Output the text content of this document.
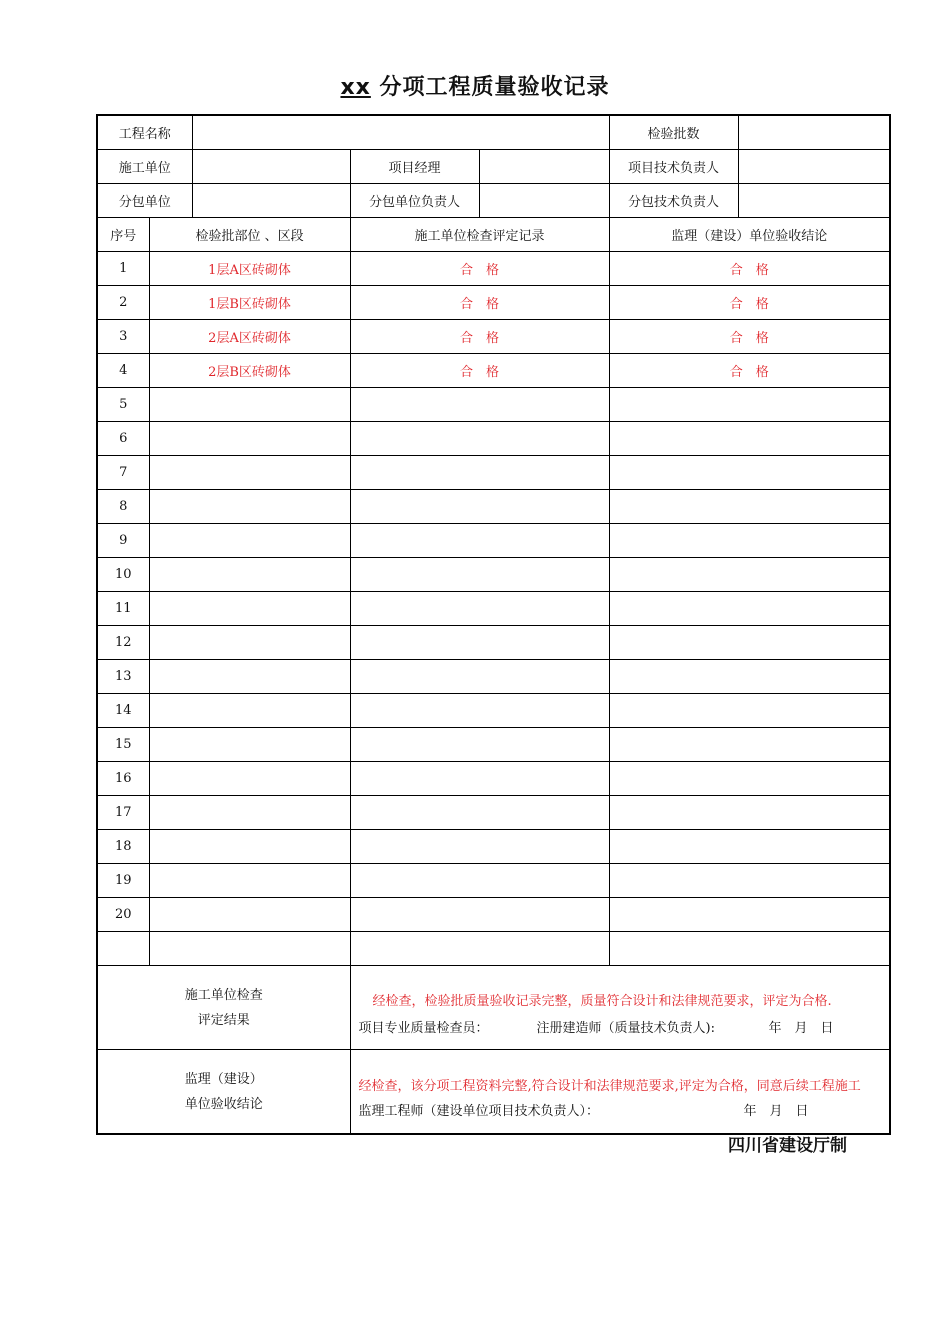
xx 分项工程质量验收记录
工程名称					检验批数	
施工单位			项目经理		项目技术负责人	
分包单位			分包单位负责人		分包技术负责人	
序号	检验批部位 、区段		施工单位检查评定记录		监理（建设）单位验收结论	
1	1层A区砖砌体		合　格		合　格	
2	1层B区砖砌体		合　格		合　格	
3	2层A区砖砌体		合　格		合　格	
4	2层B区砖砌体		合　格		合　格	
5						
6						
7						
8						
9						
10						
11						
12						
13						
14						
15						
16						
17						
18						
19						
20						

施工单位检查
评定结果			经检查，检验批质量验收记录完整，质量符合设计和法律规范要求，评定为合格.
项目专业质量检查员： 注册建造师（质量技术负责人): 年　月　日			

监理（建设）
单位验收结论			经检查，该分项工程资料完整,符合设计和法律规范要求,评定为合格，同意后续工程施工
监理工程师（建设单位项目技术负责人）： 年　月　日			
四川省建设厅制
